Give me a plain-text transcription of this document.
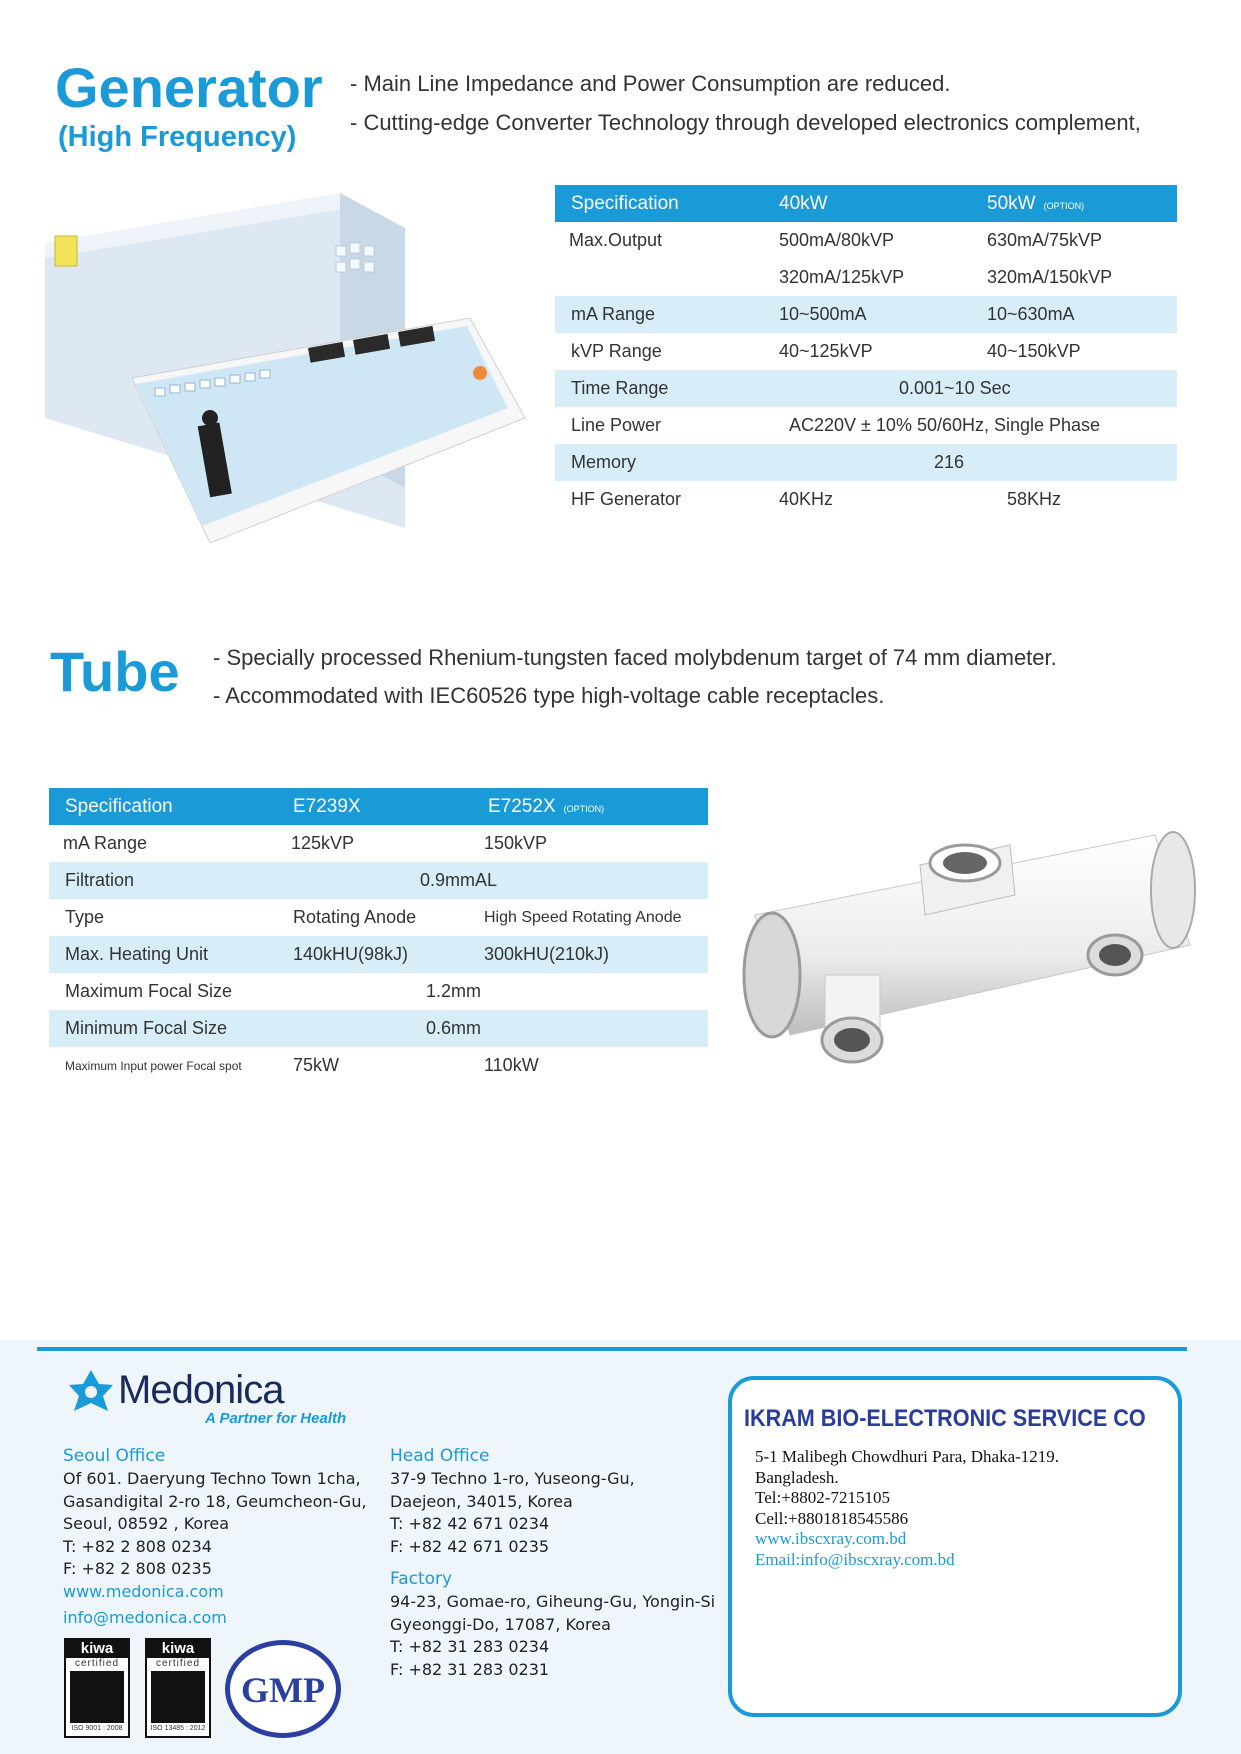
Generator
(High Frequency)
- Main Line Impedance and Power Consumption are reduced.
- Cutting-edge Converter Technology through developed electronics complement,
Specification	40kW	50kW (OPTION)
Max.Output	500mA/80kVP	630mA/75kVP
	320mA/125kVP	320mA/150kVP
mA Range	10~500mA	10~630mA
kVP Range	40~125kVP	40~150kVP
Time Range	0.001~10 Sec	
Line Power	AC220V ± 10% 50/60Hz, Single Phase	
Memory	216	
HF Generator	40KHz	58KHz
Tube - Specially processed Rhenium-tungsten faced molybdenum target of 74 mm diameter.
- Accommodated with IEC60526 type high-voltage cable receptacles.
Specification	E7239X	E7252X (OPTION)
mA Range	125kVP	150kVP
Filtration	0.9mmAL	
Type	Rotating Anode	High Speed Rotating Anode
Max. Heating Unit	140kHU(98kJ)	300kHU(210kJ)
Maximum Focal Size	1.2mm	
Minimum Focal Size	0.6mm	
Maximum Input power Focal spot	75kW	110kW
Medonica
A Partner for Health
Seoul Office
Of 601. Daeryung Techno Town 1cha,
Gasandigital 2-ro 18, Geumcheon-Gu,
Seoul, 08592 , Korea
T: +82 2 808 0234
F: +82 2 808 0235
www.medonica.com
info@medonica.com
Head Office
37-9 Techno 1-ro, Yuseong-Gu,
Daejeon, 34015, Korea
T: +82 42 671 0234
F: +82 42 671 0235
Factory
94-23, Gomae-ro, Giheung-Gu, Yongin-Si
Gyeonggi-Do, 17087, Korea
T: +82 31 283 0234
F: +82 31 283 0231
kiwa
certified
ISO 9001 : 2008
kiwa
certified
ISO 13485 : 2012
GMP
IKRAM BIO-ELECTRONIC SERVICE CO
5-1 Malibegh Chowdhuri Para, Dhaka-1219.
Bangladesh.
Tel:+8802-7215105
Cell:+8801818545586
www.ibscxray.com.bd
Email:info@ibscxray.com.bd
